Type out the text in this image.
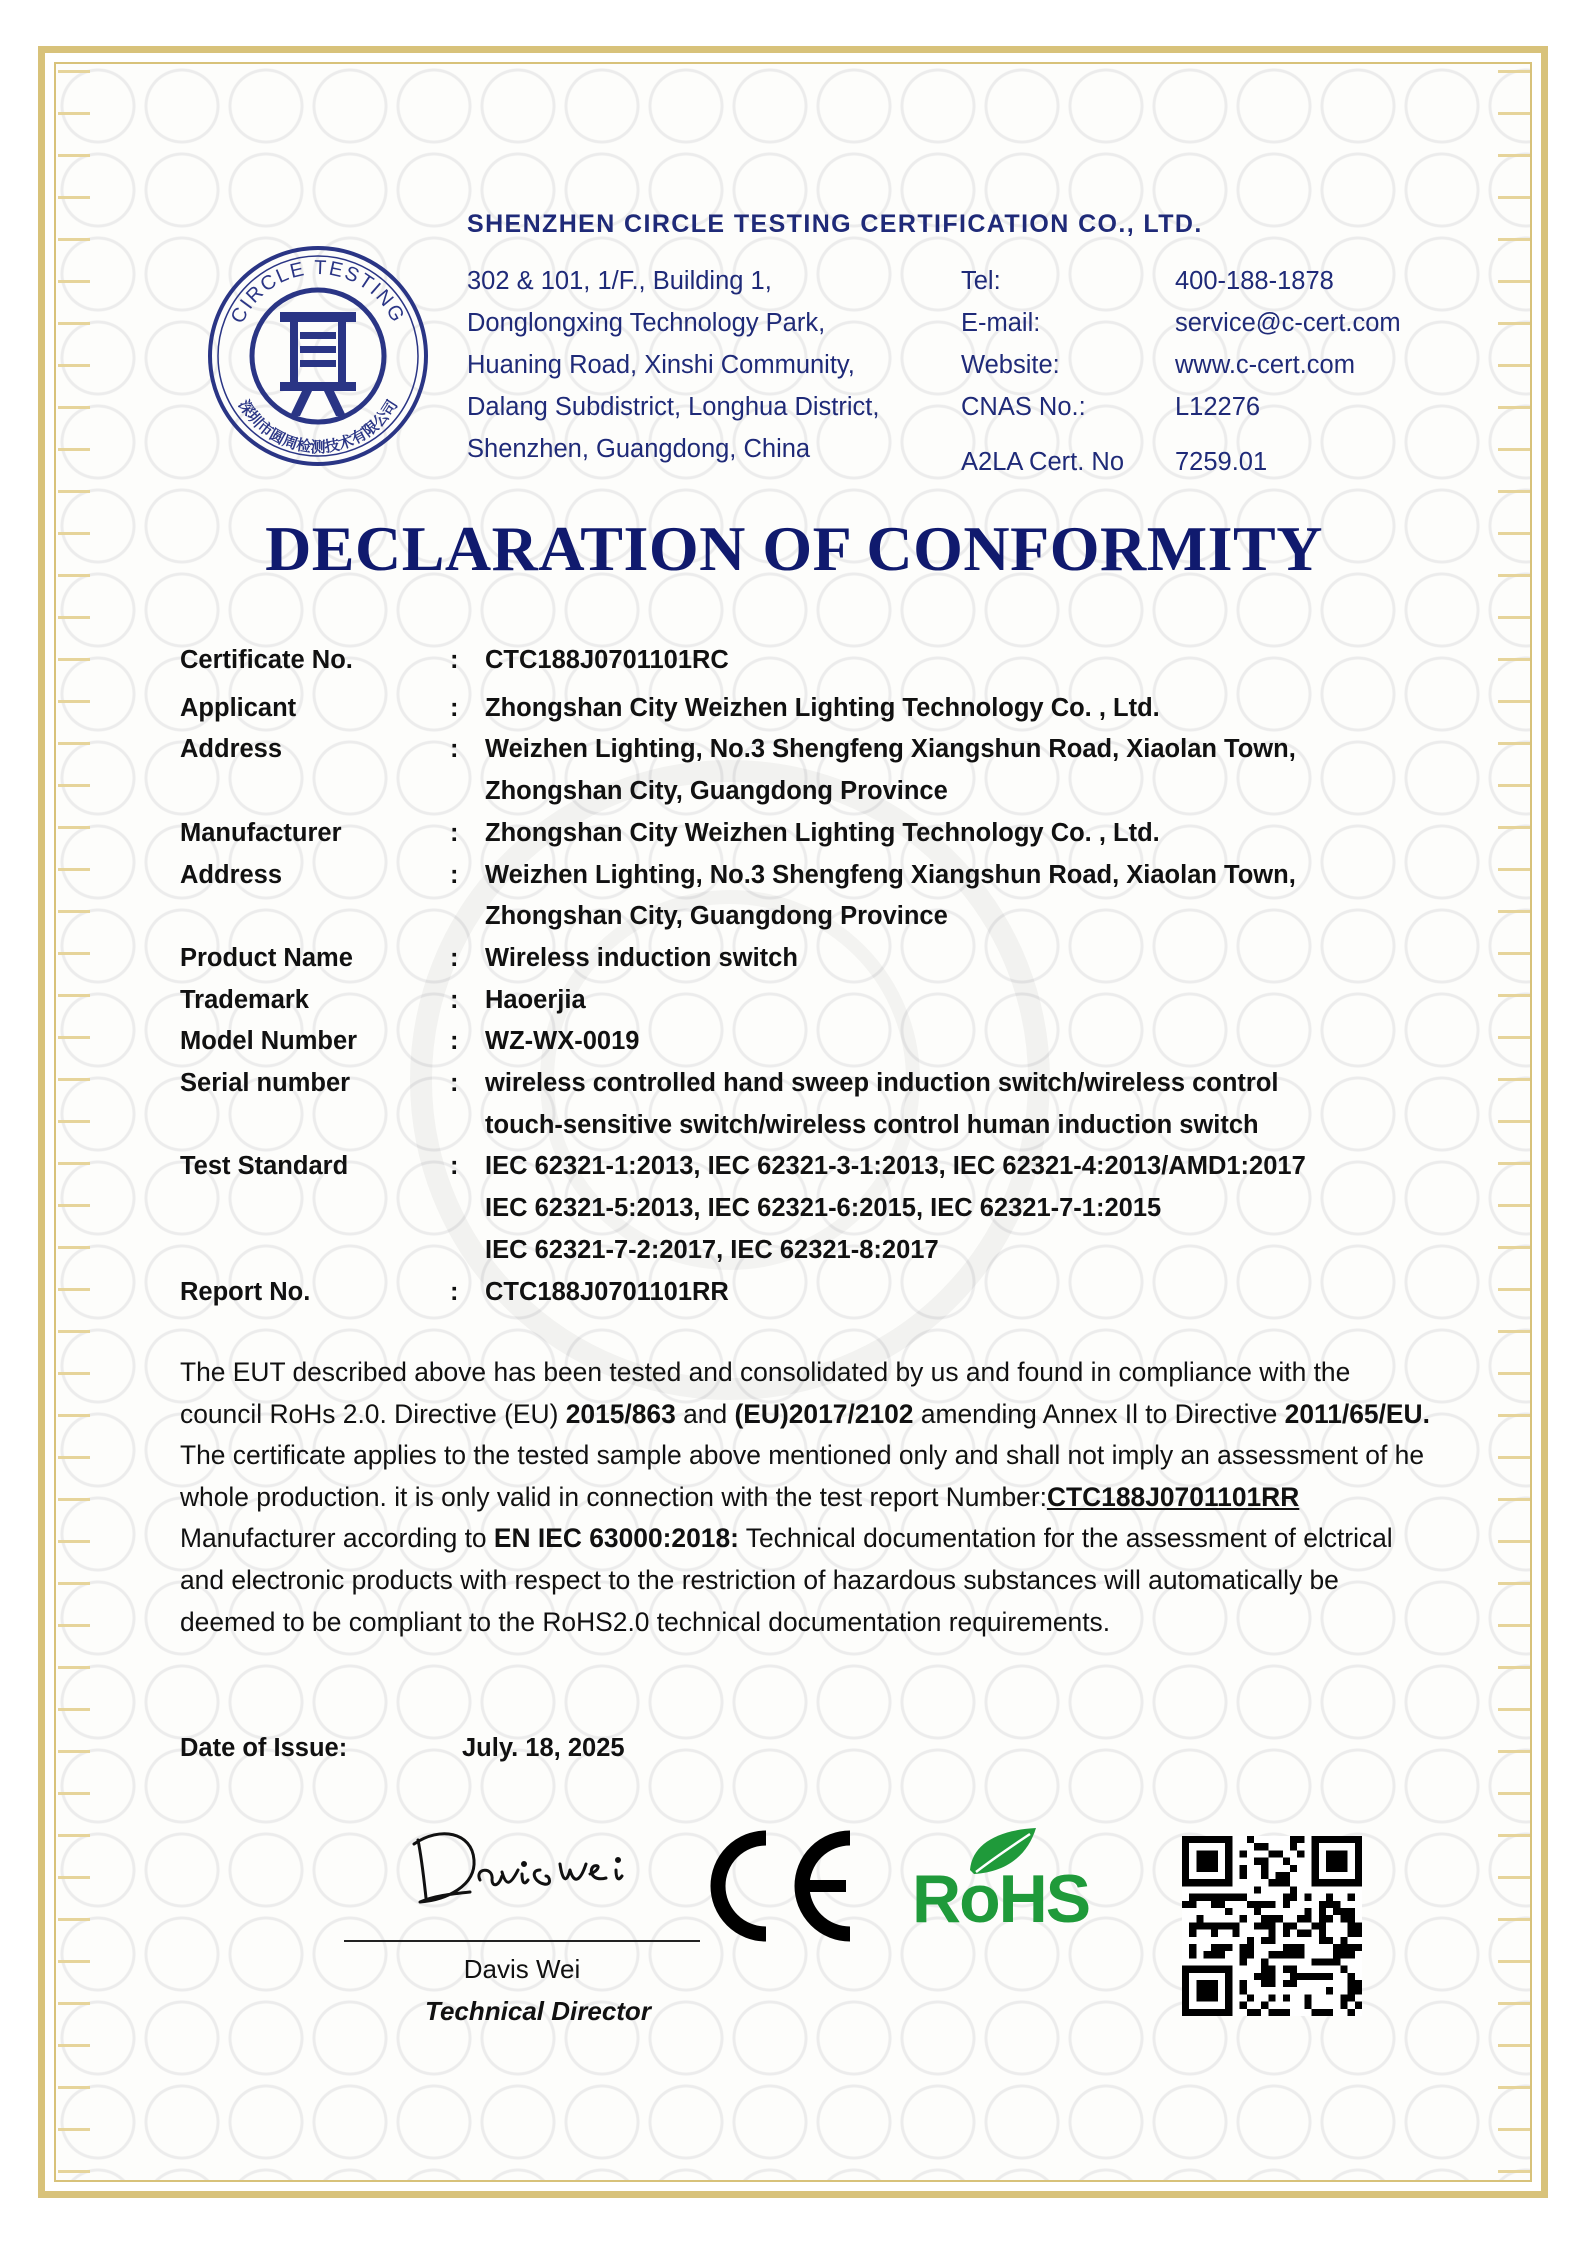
CIRCLE TESTING
深圳市圆周检测技术有限公司
SHENZHEN CIRCLE TESTING CERTIFICATION CO., LTD.
302 & 101, 1/F., Building 1,
Donglongxing Technology Park,
Huaning Road, Xinshi Community,
Dalang Subdistrict, Longhua District,
Shenzhen, Guangdong, China
Tel:	400-188-1878
E-mail:	service@c-cert.com
Website:	www.c-cert.com
CNAS No.:	L12276
A2LA Cert. No	7259.01
DECLARATION OF CONFORMITY
Certificate No.	:	CTC188J0701101RC
Applicant	:	Zhongshan City Weizhen Lighting Technology Co. , Ltd.
Address	:	Weizhen Lighting, No.3 Shengfeng Xiangshun Road, Xiaolan Town,
Zhongshan City, Guangdong Province
Manufacturer	:	Zhongshan City Weizhen Lighting Technology Co. , Ltd.
Address	:	Weizhen Lighting, No.3 Shengfeng Xiangshun Road, Xiaolan Town,
Zhongshan City, Guangdong Province
Product Name	:	Wireless induction switch
Trademark	:	Haoerjia
Model Number	:	WZ-WX-0019
Serial number	:	wireless controlled hand sweep induction switch/wireless control
touch-sensitive switch/wireless control human induction switch
Test Standard	:	IEC 62321-1:2013, IEC 62321-3-1:2013, IEC 62321-4:2013/AMD1:2017
IEC 62321-5:2013, IEC 62321-6:2015, IEC 62321-7-1:2015
IEC 62321-7-2:2017, IEC 62321-8:2017
Report No.	:	CTC188J0701101RR
The EUT described above has been tested and consolidated by us and found in compliance with the council RoHs 2.0. Directive (EU) 2015/863 and (EU)2017/2102 amending Annex Il to Directive 2011/65/EU. The certificate applies to the tested sample above mentioned only and shall not imply an assessment of he whole production. it is only valid in connection with the test report Number:CTC188J0701101RR
Manufacturer according to EN IEC 63000:2018: Technical documentation for the assessment of elctrical and electronic products with respect to the restriction of hazardous substances will automatically be deemed to be compliant to the RoHS2.0 technical documentation requirements.
Date of Issue:	July. 18, 2025
Davis Wei
Technical Director
RoHS
